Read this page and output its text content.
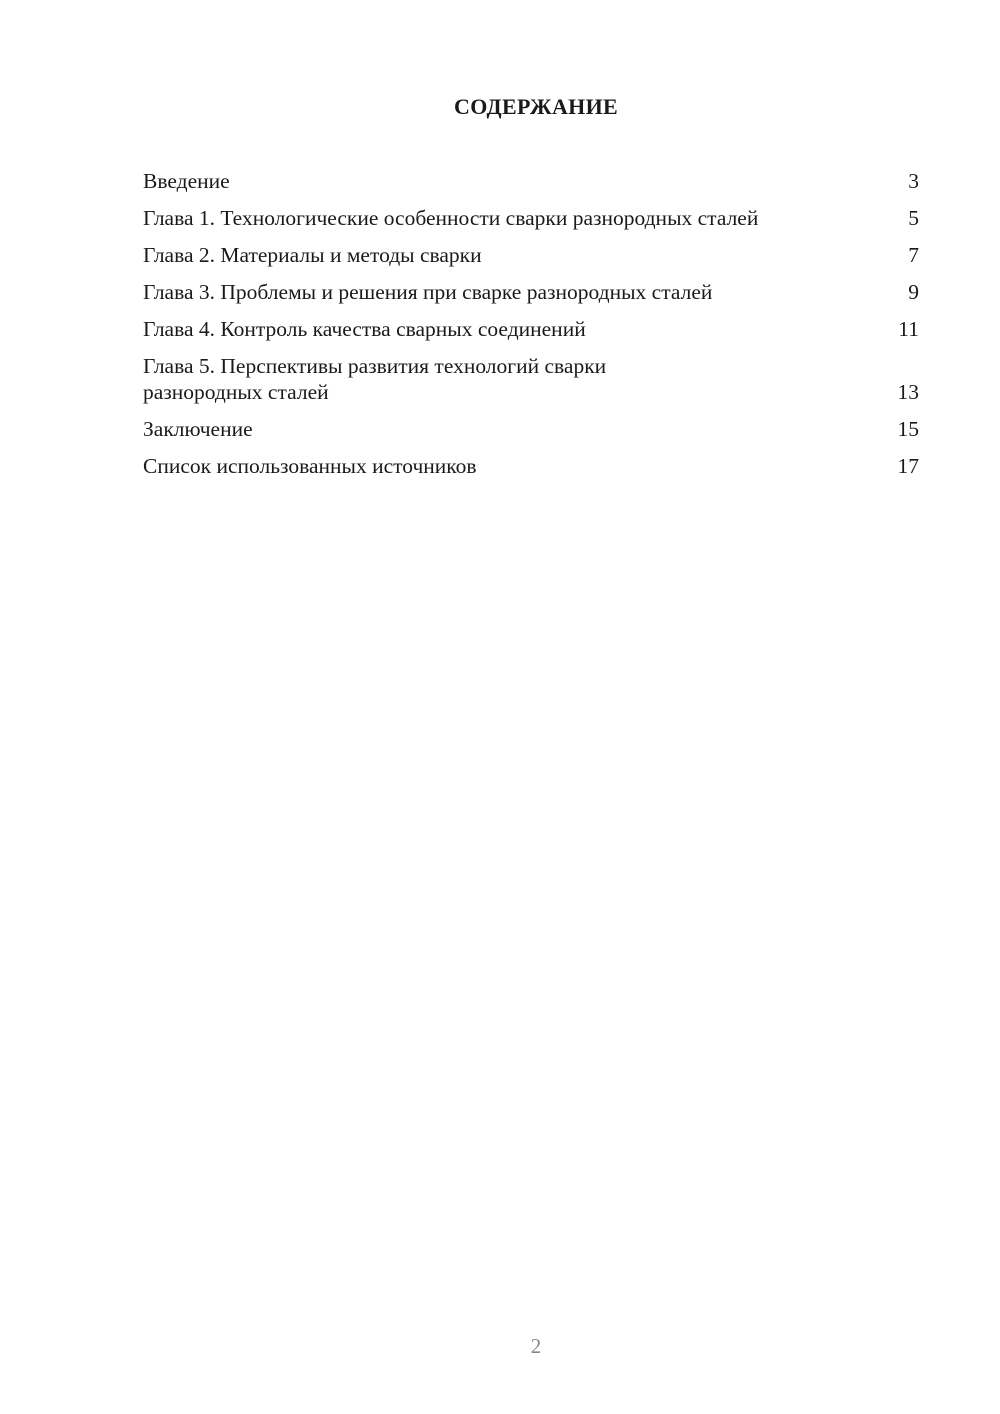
СОДЕРЖАНИЕ
Введение	3
Глава 1. Технологические особенности сварки разнородных сталей	5
Глава 2. Материалы и методы сварки	7
Глава 3. Проблемы и решения при сварке разнородных сталей	9
Глава 4. Контроль качества сварных соединений	11
Глава 5. Перспективы развития технологий сварки разнородных сталей	13
Заключение	15
Список использованных источников	17
2
